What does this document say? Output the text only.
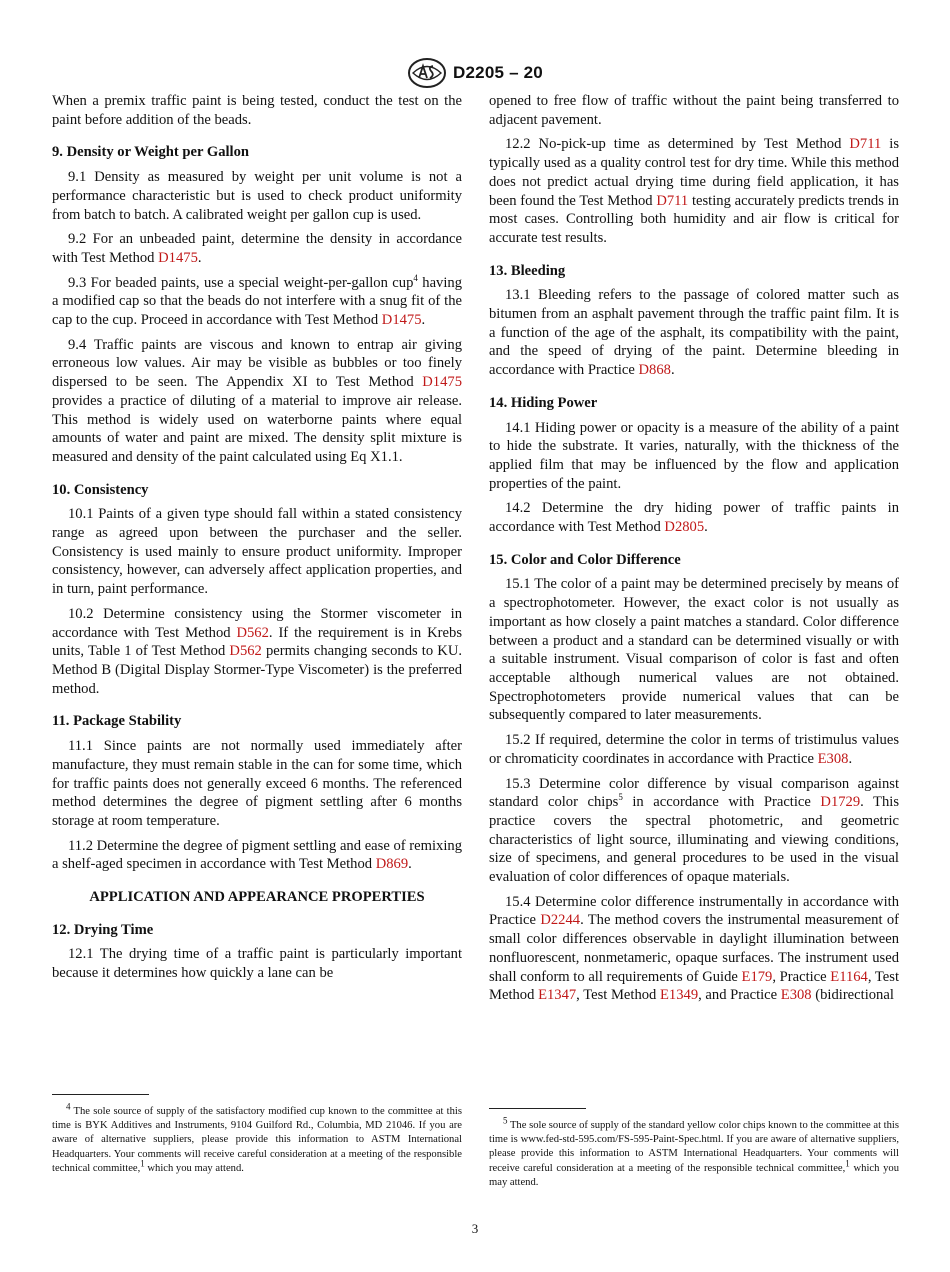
D2205 – 20

When a premix traffic paint is being tested, conduct the test on the paint before addition of the beads.

9. Density or Weight per Gallon

9.1 Density as measured by weight per unit volume is not a performance characteristic but is used to check product uniformity from batch to batch. A calibrated weight per gallon cup is used.

9.2 For an unbeaded paint, determine the density in accordance with Test Method D1475.

9.3 For beaded paints, use a special weight-per-gallon cup$^4$ having a modified cap so that the beads do not interfere with a snug fit of the cap to the cup. Proceed in accordance with Test Method D1475.

9.4 Traffic paints are viscous and known to entrap air giving erroneous low values. Air may be visible as bubbles or too finely dispersed to be seen. The Appendix XI to Test Method D1475 provides a practice of diluting of a material to improve air release. This method is widely used on waterborne paints where equal amounts of water and paint are mixed. The density split mixture is measured and density of the paint calculated using Eq X1.1.

10. Consistency

10.1 Paints of a given type should fall within a stated consistency range as agreed upon between the purchaser and the seller. Consistency is used mainly to ensure product uniformity. Improper consistency, however, can adversely affect application properties, and in turn, paint performance.

10.2 Determine consistency using the Stormer viscometer in accordance with Test Method D562. If the requirement is in Krebs units, Table 1 of Test Method D562 permits changing seconds to KU. Method B (Digital Display Stormer-Type Viscometer) is the preferred method.

11. Package Stability

11.1 Since paints are not normally used immediately after manufacture, they must remain stable in the can for some time, which for traffic paints does not generally exceed 6 months. The referenced method determines the degree of pigment settling after 6 months storage at room temperature.

11.2 Determine the degree of pigment settling and ease of remixing a shelf-aged specimen in accordance with Test Method D869.

APPLICATION AND APPEARANCE PROPERTIES
12. Drying Time

12.1 The drying time of a traffic paint is particularly important because it determines how quickly a lane can be

$^4$ The sole source of supply of the satisfactory modified cup known to the committee at this time is BYK Additives and Instruments, 9104 Guilford Rd., Columbia, MD 21046. If you are aware of alternative suppliers, please provide this information to ASTM International Headquarters. Your comments will receive careful consideration at a meeting of the responsible technical committee,$^1$ which you may attend.

opened to free flow of traffic without the paint being transferred to adjacent pavement.

12.2 No-pick-up time as determined by Test Method D711 is typically used as a quality control test for dry time. While this method does not predict actual drying time during field application, it has been found the Test Method D711 testing accurately predicts trends in most cases. Controlling both humidity and air flow is critical for accurate test results.

13. Bleeding

13.1 Bleeding refers to the passage of colored matter such as bitumen from an asphalt pavement through the traffic paint film. It is a function of the age of the asphalt, its compatibility with the paint, and the speed of drying of the paint. Determine bleeding in accordance with Practice D868.

14. Hiding Power

14.1 Hiding power or opacity is a measure of the ability of a paint to hide the substrate. It varies, naturally, with the thickness of the applied film that may be influenced by the flow and application properties of the paint.

14.2 Determine the dry hiding power of traffic paints in accordance with Test Method D2805.

15. Color and Color Difference

15.1 The color of a paint may be determined precisely by means of a spectrophotometer. However, the exact color is not usually as important as how closely a paint matches a standard. Color difference between a product and a standard can be determined visually or with a suitable instrument. Visual comparison of color is fast and often acceptable although numerical values are not obtained. Spectrophotometers provide numerical values that can be subsequently compared to later measurements.

15.2 If required, determine the color in terms of tristimulus values or chromaticity coordinates in accordance with Practice E308.

15.3 Determine color difference by visual comparison against standard color chips$^5$ in accordance with Practice D1729. This practice covers the spectral photometric, and geometric characteristics of light source, illuminating and viewing conditions, size of specimens, and general procedures to be used in the visual evaluation of color differences of opaque materials.

15.4 Determine color difference instrumentally in accordance with Practice D2244. The method covers the instrumental measurement of small color differences observable in daylight illumination between nonfluorescent, nonmetameric, opaque surfaces. The instrument used shall conform to all requirements of Guide E179, Practice E1164, Test Method E1347, Test Method E1349, and Practice E308 (bidirectional

$^5$ The sole source of supply of the standard yellow color chips known to the committee at this time is www.fed-std-595.com/FS-595-Paint-Spec.html. If you are aware of alternative suppliers, please provide this information to ASTM International Headquarters. Your comments will receive careful consideration at a meeting of the responsible technical committee,$^1$ which you may attend.

3
